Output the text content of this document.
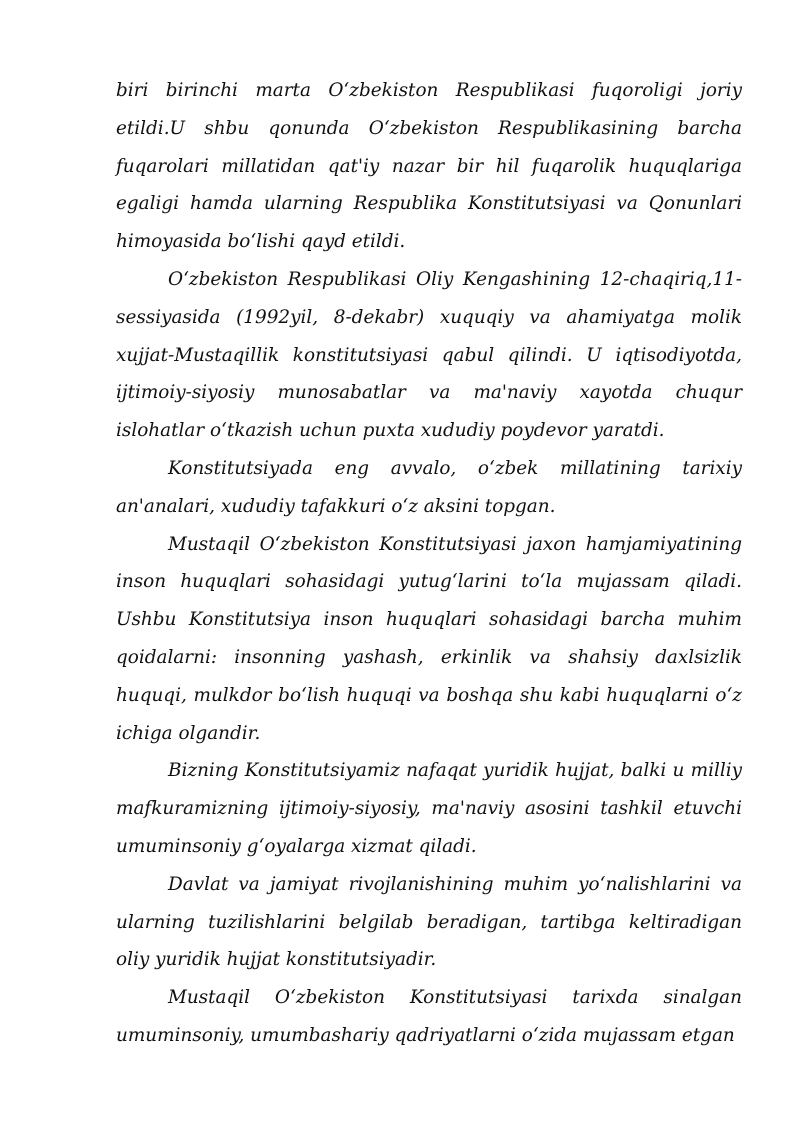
biri birinchi marta O‘zbekiston Respublikasi fuqoroligi joriy etildi.U shbu qonunda O‘zbekiston Respublikasining barcha fuqarolari millatidan qat'iy nazar bir hil fuqarolik huquqlariga egaligi hamda ularning Respublika Konstitutsiyasi va Qonunlari himoyasida bo‘lishi qayd etildi.

O‘zbekiston Respublikasi Oliy Kengashining 12-chaqiriq,11-sessiyasida (1992yil, 8-dekabr) xuquqiy va ahamiyatga molik xujjat-Mustaqillik konstitutsiyasi qabul qilindi. U iqtisodiyotda, ijtimoiy-siyosiy munosabatlar va ma'naviy xayotda chuqur islohatlar o‘tkazish uchun puxta xududiy poydevor yaratdi.

Konstitutsiyada eng avvalo, o‘zbek millatining tarixiy an'analari, xududiy tafakkuri o‘z aksini topgan.

Mustaqil O‘zbekiston Konstitutsiyasi jaxon hamjamiyatining inson huquqlari sohasidagi yutug‘larini to‘la mujassam qiladi. Ushbu Konstitutsiya inson huquqlari sohasidagi barcha muhim qoidalarni: insonning yashash, erkinlik va shahsiy daxlsizlik huquqi, mulkdor bo‘lish huquqi va boshqa shu kabi huquqlarni o‘z ichiga olgandir.

Bizning Konstitutsiyamiz nafaqat yuridik hujjat, balki u milliy mafkuramizning ijtimoiy-siyosiy, ma'naviy asosini tashkil etuvchi umuminsoniy g‘oyalarga xizmat qiladi.

Davlat va jamiyat rivojlanishining muhim yo‘nalishlarini va ularning tuzilishlarini belgilab beradigan, tartibga keltiradigan oliy yuridik hujjat konstitutsiyadir.

Mustaqil O‘zbekiston Konstitutsiyasi tarixda sinalgan umuminsoniy, umumbashariy qadriyatlarni o‘zida mujassam etgan
